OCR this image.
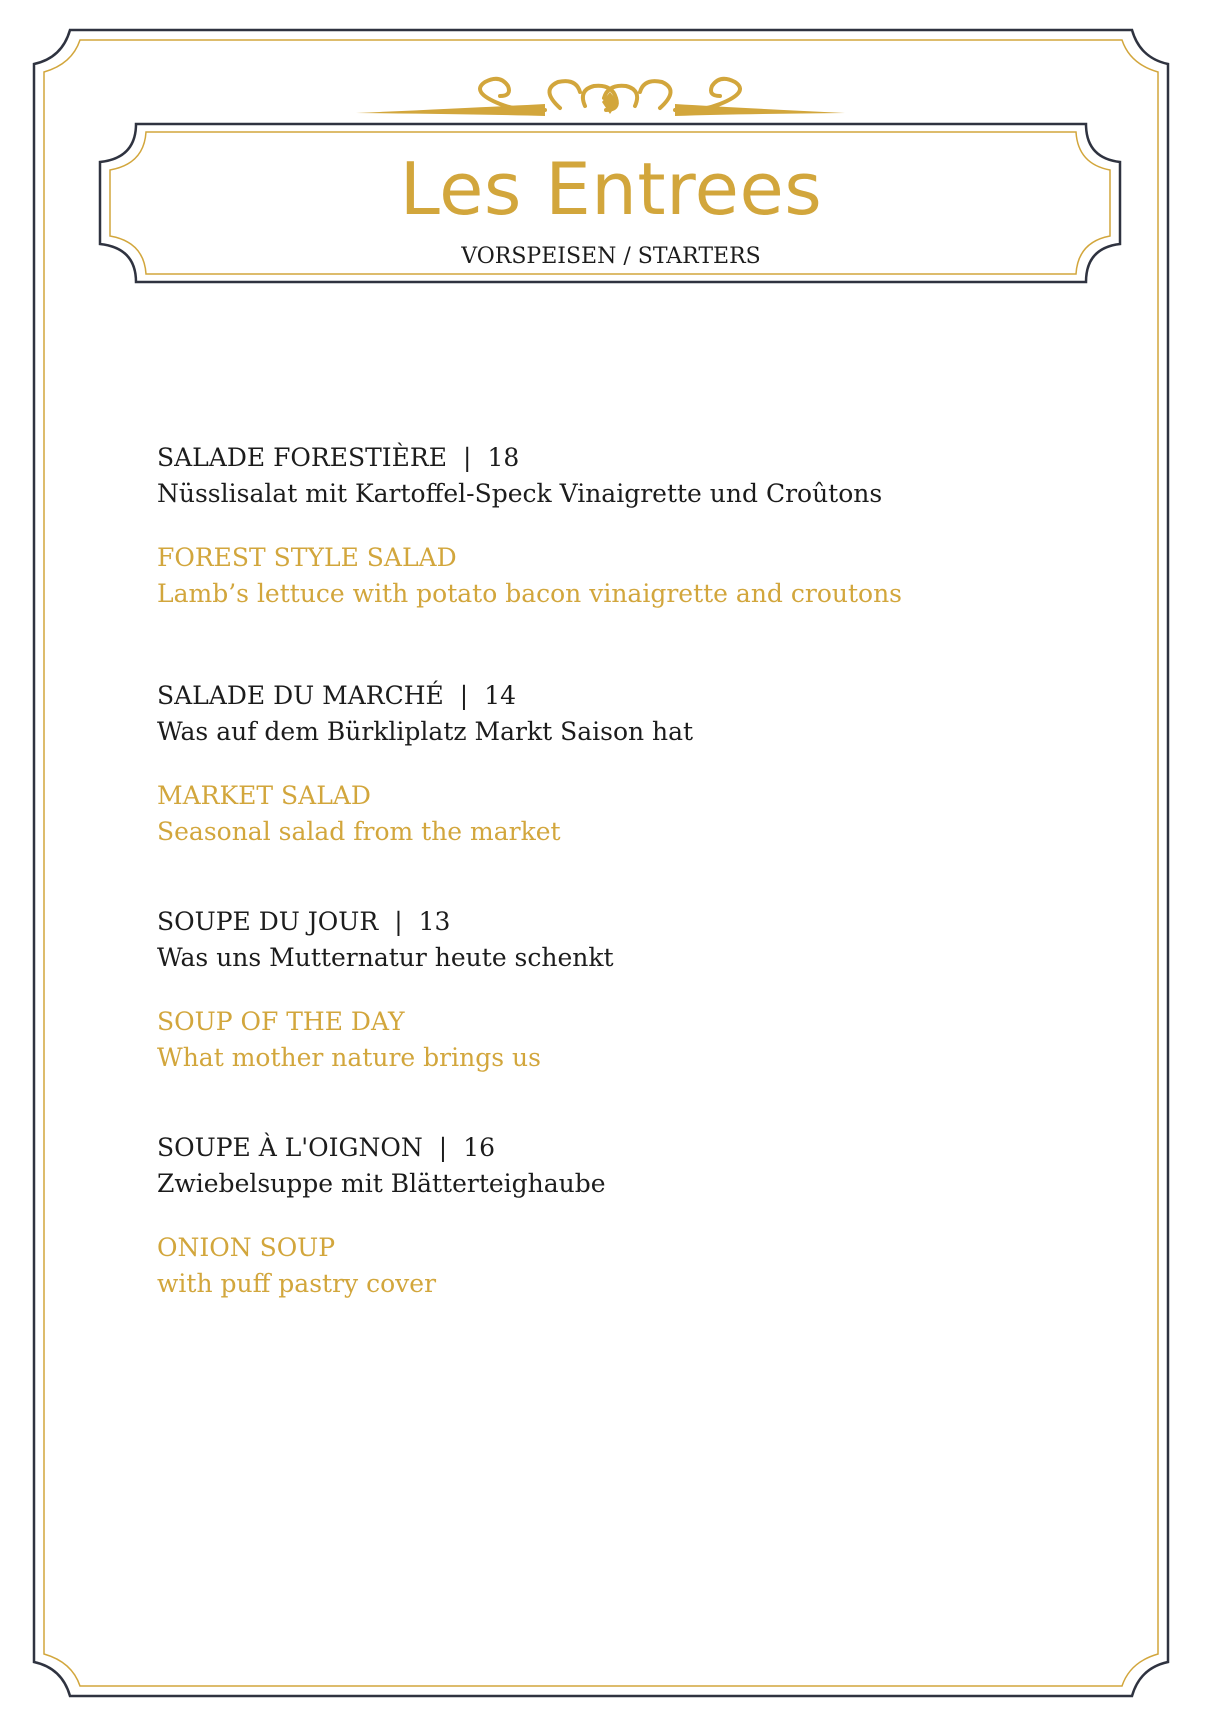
Les Entrees
VORSPEISEN / STARTERS
SALADE FORESTIÈRE | 18
Nüsslisalat mit Kartoffel-Speck Vinaigrette und Croûtons
FOREST STYLE SALAD
Lamb’s lettuce with potato bacon vinaigrette and croutons
SALADE DU MARCHÉ | 14
Was auf dem Bürkliplatz Markt Saison hat
MARKET SALAD
Seasonal salad from the market
SOUPE DU JOUR | 13
Was uns Mutternatur heute schenkt
SOUP OF THE DAY
What mother nature brings us
SOUPE À L'OIGNON | 16
Zwiebelsuppe mit Blätterteighaube
ONION SOUP
with puff pastry cover
